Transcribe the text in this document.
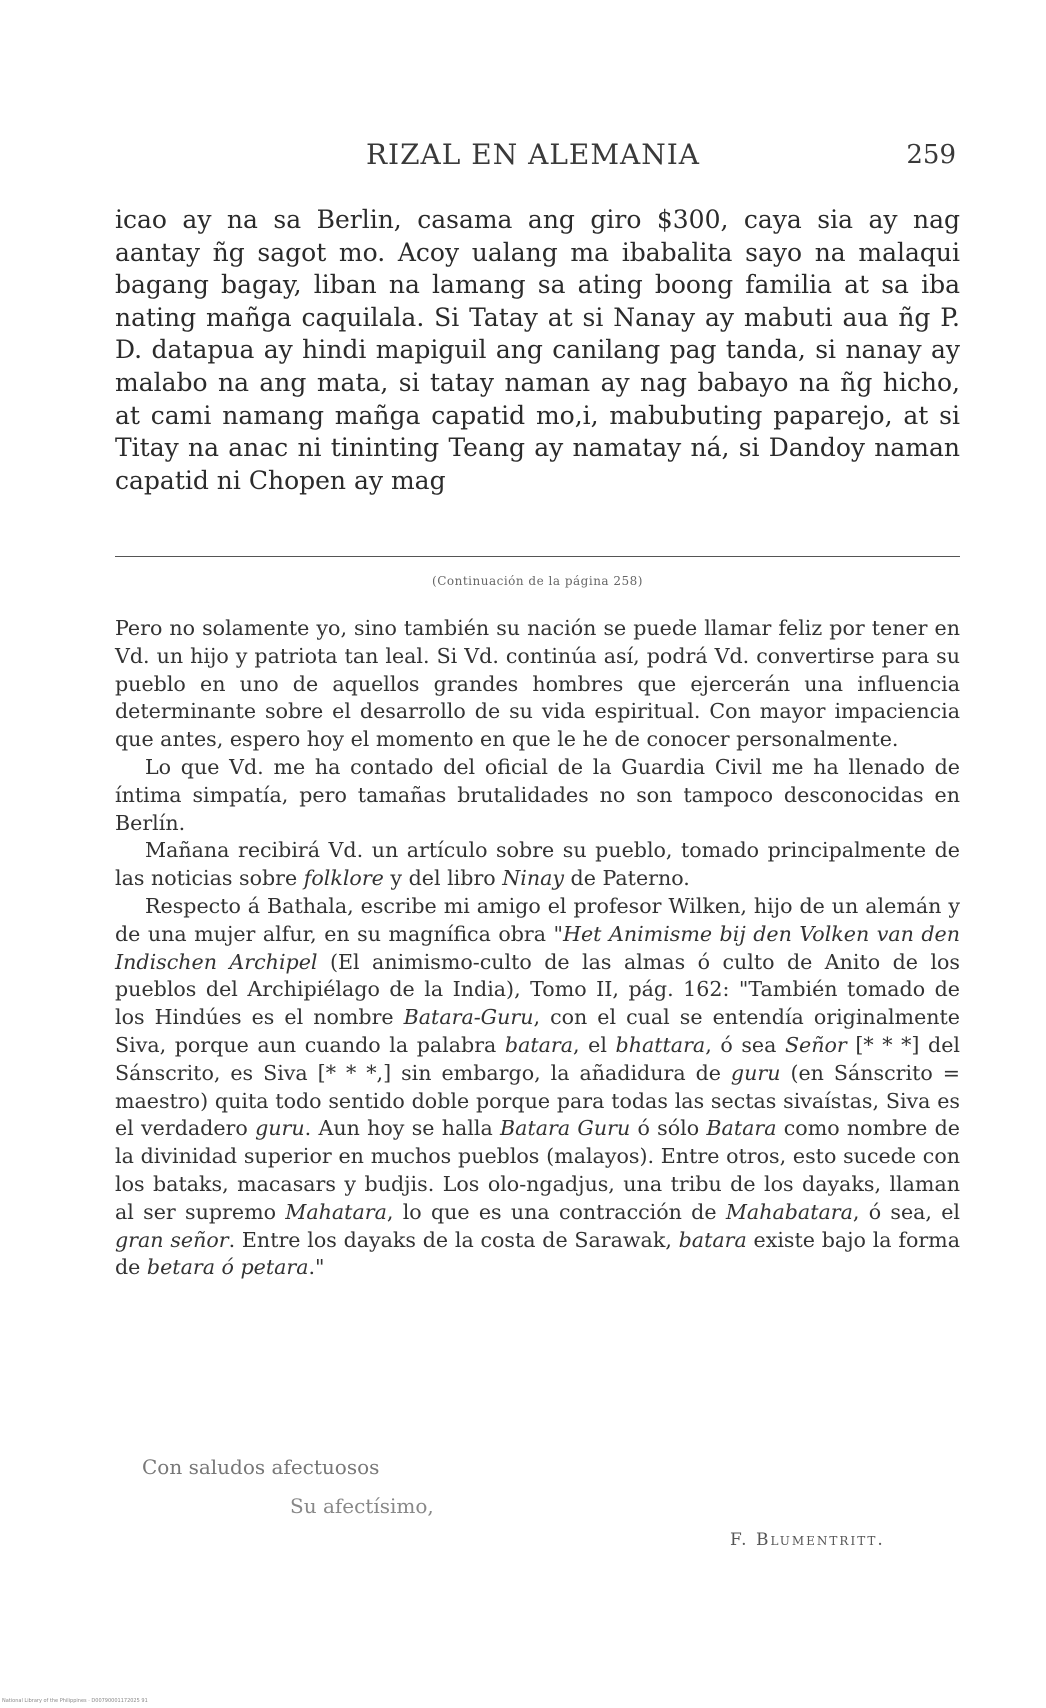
RIZAL EN ALEMANIA	259
icao ay na sa Berlin, casama ang giro $300, caya sia ay nag aantay ñg sagot mo. Acoy ualang ma ibabalita sayo na malaqui bagang bagay, liban na lamang sa ating boong familia at sa iba nating mañga caquilala. Si Tatay at si Nanay ay mabuti aua ñg P. D. datapua ay hindi mapiguil ang canilang pag tanda, si nanay ay malabo na ang mata, si tatay naman ay nag babayo na ñg hicho, at cami namang mañga capatid mo,i, mabubuting paparejo, at si Titay na anac ni tininting Teang ay namatay ná, si Dandoy naman capatid ni Chopen ay mag
(Continuación de la página 258)

Pero no solamente yo, sino también su nación se puede llamar feliz por tener en Vd. un hijo y patriota tan leal. Si Vd. continúa así, podrá Vd. convertirse para su pueblo en uno de aquellos grandes hombres que ejercerán una influencia determinante sobre el desarrollo de su vida espiritual. Con mayor impaciencia que antes, espero hoy el momento en que le he de conocer personalmente.

Lo que Vd. me ha contado del oficial de la Guardia Civil me ha llenado de íntima simpatía, pero tamañas brutalidades no son tampoco desconocidas en Berlín.

Mañana recibirá Vd. un artículo sobre su pueblo, tomado principalmente de las noticias sobre folklore y del libro Ninay de Paterno.

Respecto á Bathala, escribe mi amigo el profesor Wilken, hijo de un alemán y de una mujer alfur, en su magnífica obra "Het Animisme bij den Volken van den Indischen Archipel (El animismo-culto de las almas ó culto de Anito de los pueblos del Archipiélago de la India), Tomo II, pág. 162: "También tomado de los Hindúes es el nombre Batara-Guru, con el cual se entendía originalmente Siva, porque aun cuando la palabra batara, el bhattara, ó sea Señor [* * *] del Sánscrito, es Siva [* * *,] sin embargo, la añadidura de guru (en Sánscrito = maestro) quita todo sentido doble porque para todas las sectas sivaístas, Siva es el verdadero guru. Aun hoy se halla Batara Guru ó sólo Batara como nombre de la divinidad superior en muchos pueblos (malayos). Entre otros, esto sucede con los bataks, macasars y budjis. Los olo-ngadjus, una tribu de los dayaks, llaman al ser supremo Mahatara, lo que es una contracción de Mahabatara, ó sea, el gran señor. Entre los dayaks de la costa de Sarawak, batara existe bajo la forma de betara ó petara."

Con saludos afectuosos
Su afectísimo,
F. Blumentritt.
National Library of the Philippines · D00790001172025 91
